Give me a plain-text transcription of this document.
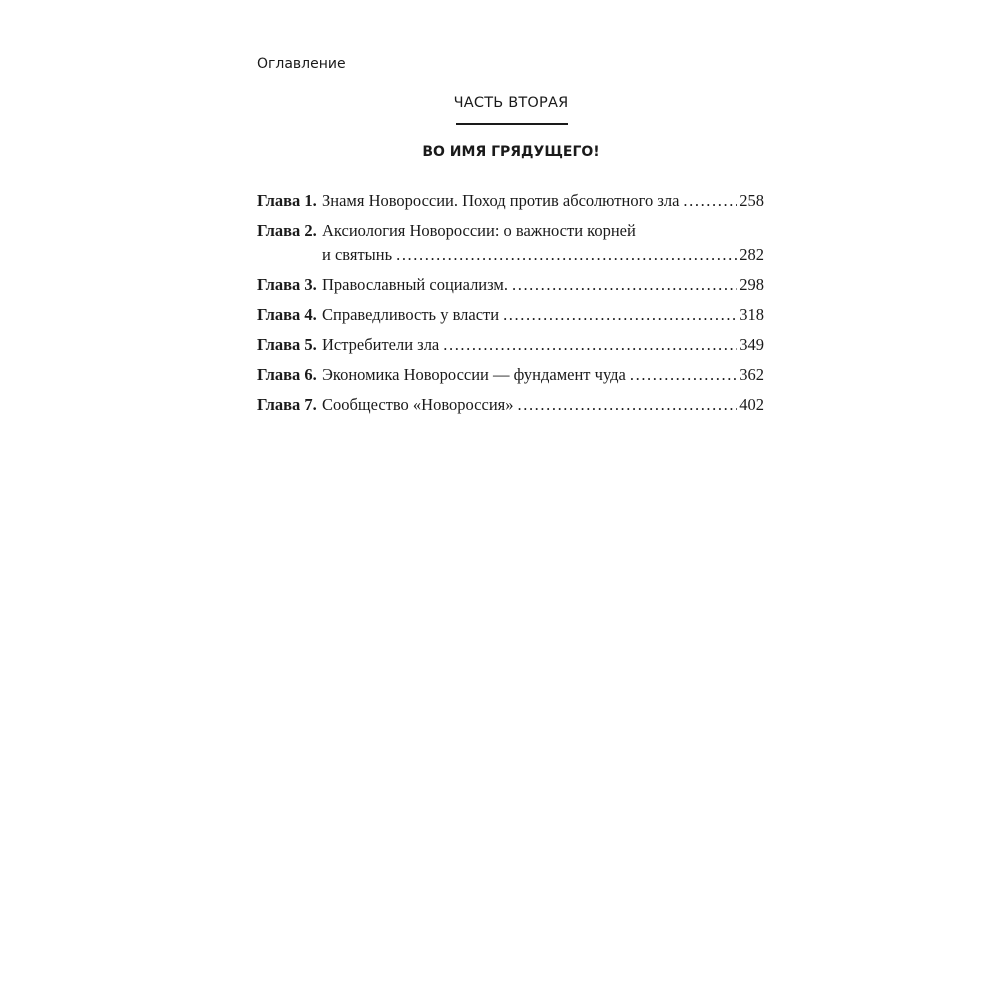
Оглавление
ЧАСТЬ ВТОРАЯ
ВО ИМЯ ГРЯДУЩЕГО!
Глава 1. Знамя Новороссии. Поход против абсолютного зла .....	258
Глава 2. Аксиология Новороссии: о важности корней
и святынь .....	282
Глава 3. Православный социализм. .....	298
Глава 4. Справедливость у власти .....	318
Глава 5. Истребители зла .....	349
Глава 6. Экономика Новороссии — фундамент чуда .....	362
Глава 7. Сообщество «Новороссия» .....	402
